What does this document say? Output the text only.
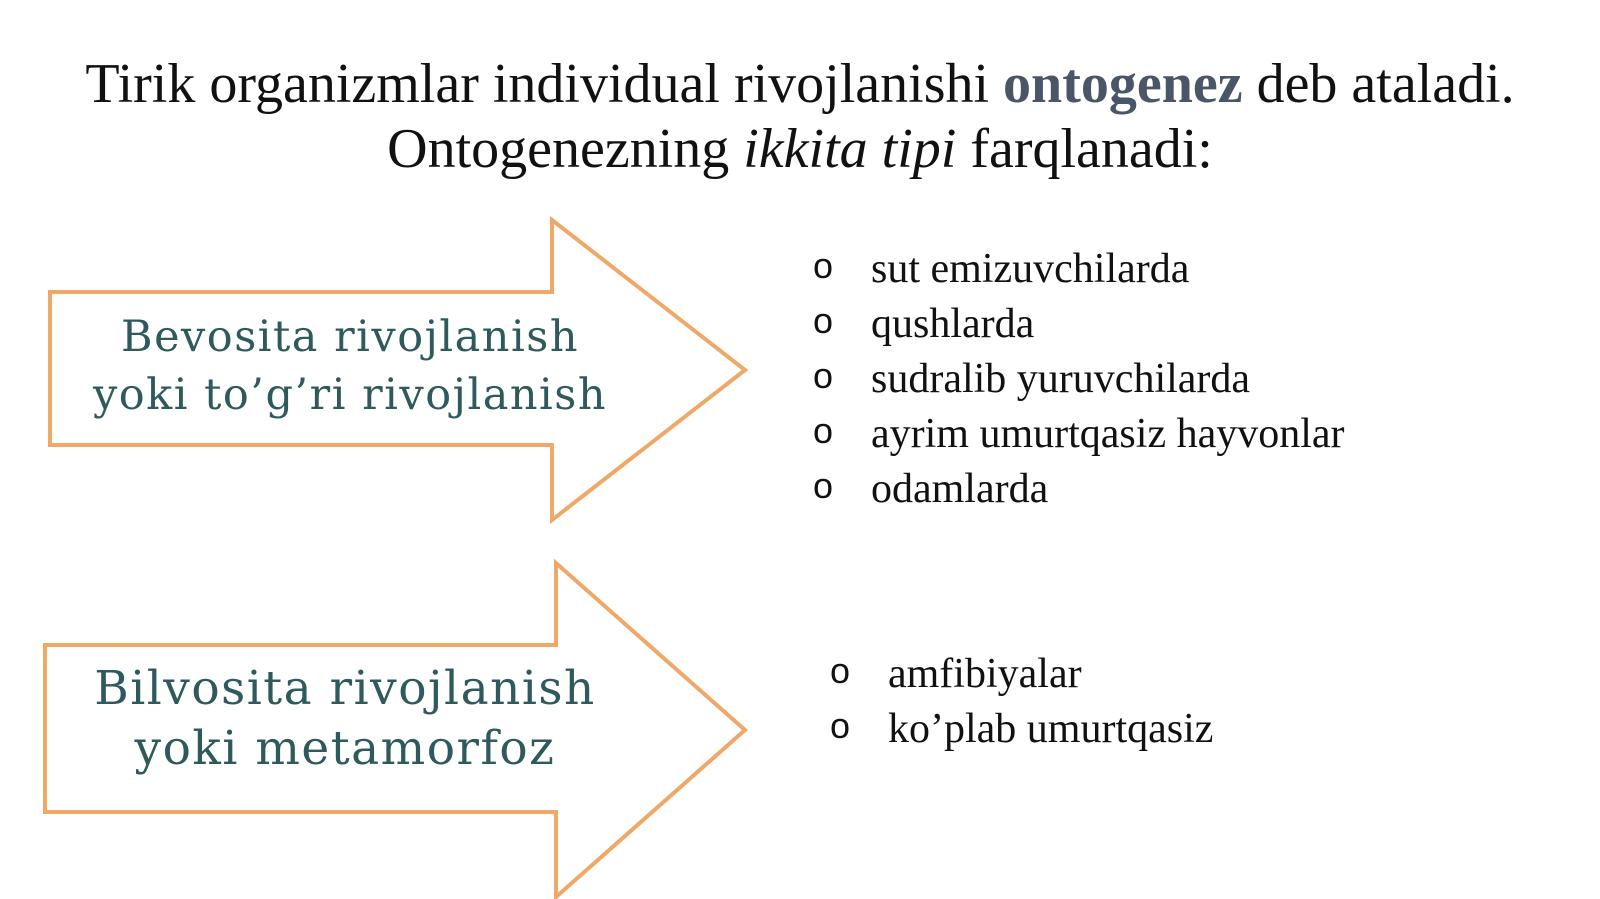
Tirik organizmlar individual rivojlanishi ontogenez deb ataladi. Ontogenezning ikkita tipi farqlanadi:
Bevosita rivojlanish
yoki to’g’ri rivojlanish
Bilvosita rivojlanish
yoki metamorfoz
o sut emizuvchilarda
o qushlarda
o sudralib yuruvchilarda
o ayrim umurtqasiz hayvonlar
o odamlarda
o amfibiyalar
o ko’plab umurtqasiz
